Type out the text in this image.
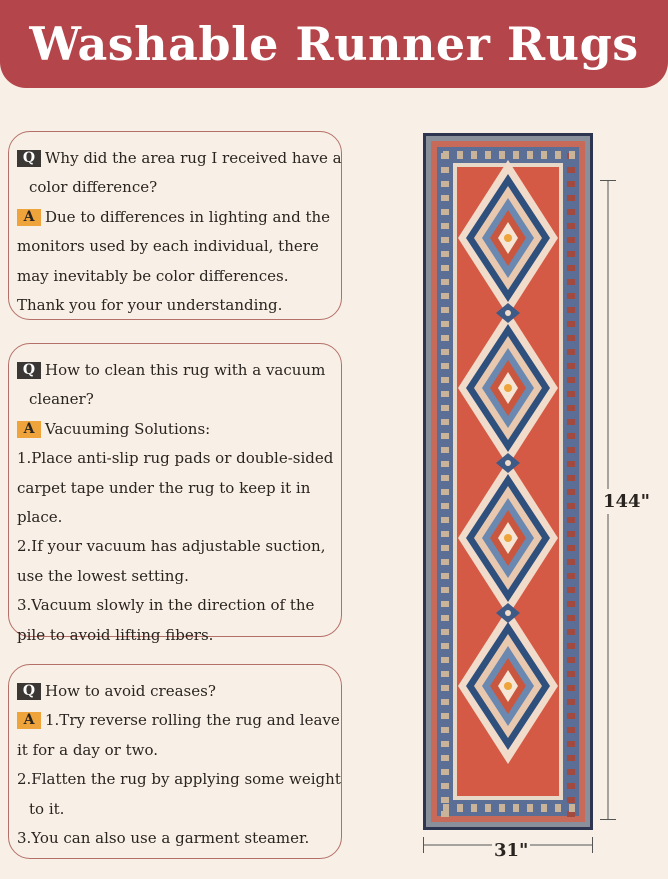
Washable Runner Rugs
Q Why did the area rug I received have a
color difference?
A Due to differences in lighting and the
monitors used by each individual, there
may inevitably be color differences.
Thank you for your understanding.
Q How to clean this rug with a vacuum
cleaner?
A Vacuuming Solutions:
1.Place anti-slip rug pads or double-sided
carpet tape under the rug to keep it in
place.
2.If your vacuum has adjustable suction,
use the lowest setting.
3.Vacuum slowly in the direction of the
pile to avoid lifting fibers.
Q How to avoid creases?
A 1.Try reverse rolling the rug and leave
it for a day or two.
2.Flatten the rug by applying some weight
to it.
3.You can also use a garment steamer.
144"
31"
